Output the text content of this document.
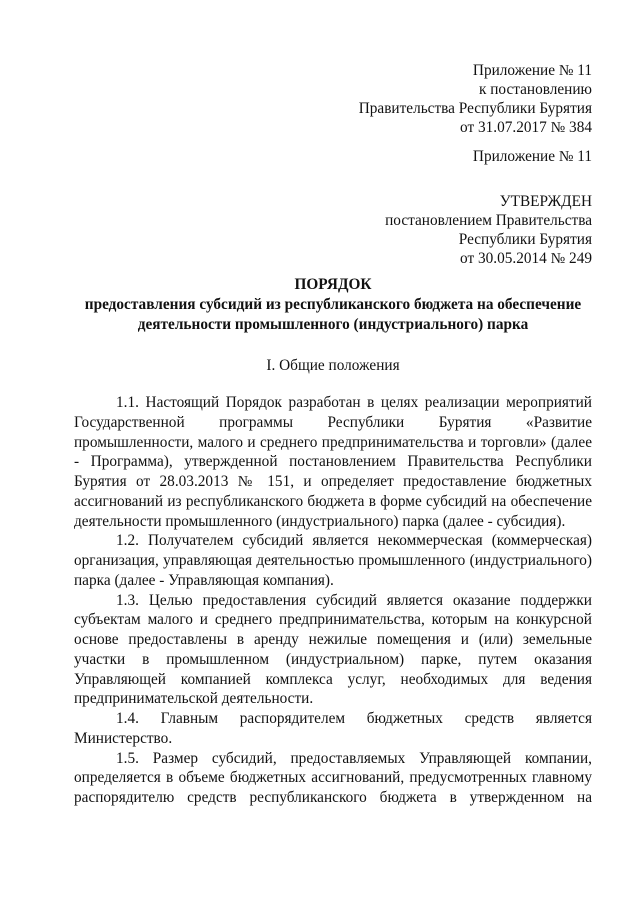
Приложение № 11
к постановлению
Правительства Республики Бурятия
от 31.07.2017 № 384
Приложение № 11
УТВЕРЖДЕН
постановлением Правительства
Республики Бурятия
от 30.05.2014 № 249
ПОРЯДОК
предоставления субсидий из республиканского бюджета на обеспечение деятельности промышленного (индустриального) парка
I. Общие положения

1.1. Настоящий Порядок разработан в целях реализации мероприятий Государственной программы Республики Бурятия «Развитие промышленности, малого и среднего предпринимательства и торговли» (далее - Программа), утвержденной постановлением Правительства Республики Бурятия от 28.03.2013 № 151, и определяет предоставление бюджетных ассигнований из республиканского бюджета в форме субсидий на обеспечение деятельности промышленного (индустриального) парка (далее - субсидия).

1.2. Получателем субсидий является некоммерческая (коммерческая) организация, управляющая деятельностью промышленного (индустриального) парка (далее - Управляющая компания).

1.3. Целью предоставления субсидий является оказание поддержки субъектам малого и среднего предпринимательства, которым на конкурсной основе предоставлены в аренду нежилые помещения и (или) земельные участки в промышленном (индустриальном) парке, путем оказания Управляющей компанией комплекса услуг, необходимых для ведения предпринимательской деятельности.

1.4. Главным распорядителем бюджетных средств является Министерство.

1.5. Размер субсидий, предоставляемых Управляющей компании, определяется в объеме бюджетных ассигнований, предусмотренных главному распорядителю средств республиканского бюджета в утвержденном на
